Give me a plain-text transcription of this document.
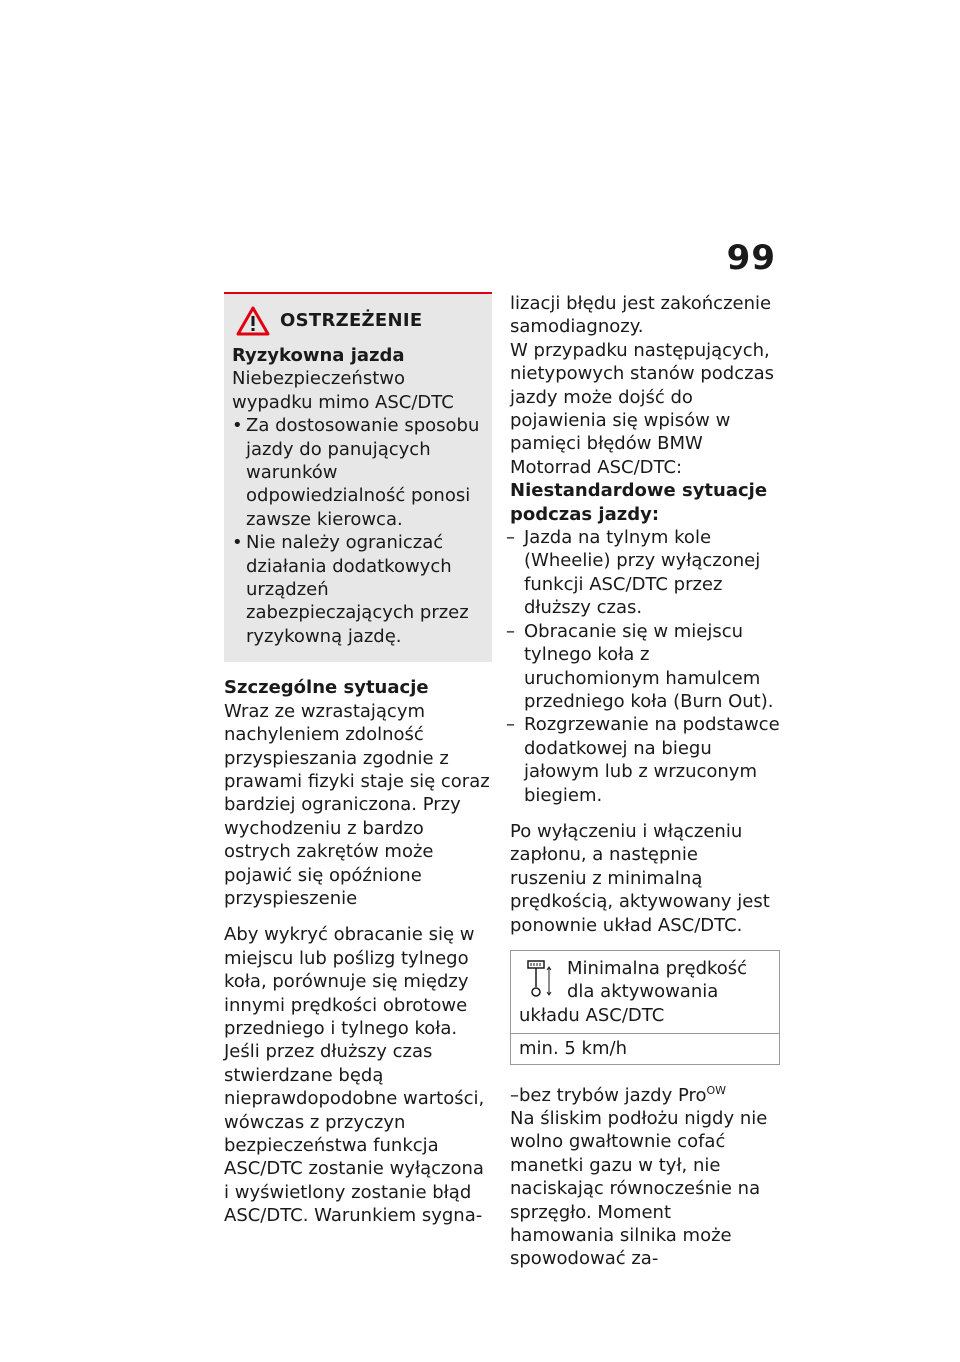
99
OSTRZEŻENIE

Ryzykowna jazda

Niebezpieczeństwo wypadku mimo ASC/DTC

• Za dostosowanie sposobu jazdy do panujących warunków odpowiedzialność ponosi zawsze kierowca.
• Nie należy ograniczać działania dodatkowych urządzeń zabezpieczających przez ryzykowną jazdę.

Szczególne sytuacje

Wraz ze wzrastającym nachyleniem zdolność przyspieszania zgodnie z prawami fizyki staje się coraz bardziej ograniczona. Przy wychodzeniu z bardzo ostrych zakrętów może pojawić się opóźnione przyspieszenie

Aby wykryć obracanie się w miejscu lub poślizg tylnego koła, porównuje się między innymi prędkości obrotowe przedniego i tylnego koła. Jeśli przez dłuższy czas stwierdzane będą nieprawdopodobne wartości, wówczas z przyczyn bezpieczeństwa funkcja ASC/DTC zostanie wyłączona i wyświetlony zostanie błąd ASC/DTC. Warunkiem sygna-

lizacji błędu jest zakończenie samodiagnozy.

W przypadku następujących, nietypowych stanów podczas jazdy może dojść do pojawienia się wpisów w pamięci błędów BMW Motorrad ASC/DTC:

Niestandardowe sytuacje podczas jazdy:

– Jazda na tylnym kole (Wheelie) przy wyłączonej funkcji ASC/DTC przez dłuższy czas.
– Obracanie się w miejscu tylnego koła z uruchomionym hamulcem przedniego koła (Burn Out).
– Rozgrzewanie na podstawce dodatkowej na biegu jałowym lub z wrzuconym biegiem.

Po wyłączeniu i włączeniu zapłonu, a następnie ruszeniu z minimalną prędkością, aktywowany jest ponownie układ ASC/DTC.

Minimalna prędkość dla aktywowania układu ASC/DTC
min. 5 km/h

–bez trybów jazdy Pro$^{OW}$

Na śliskim podłożu nigdy nie wolno gwałtownie cofać manetki gazu w tył, nie naciskając równocześnie na sprzęgło. Moment hamowania silnika może spowodować za-
